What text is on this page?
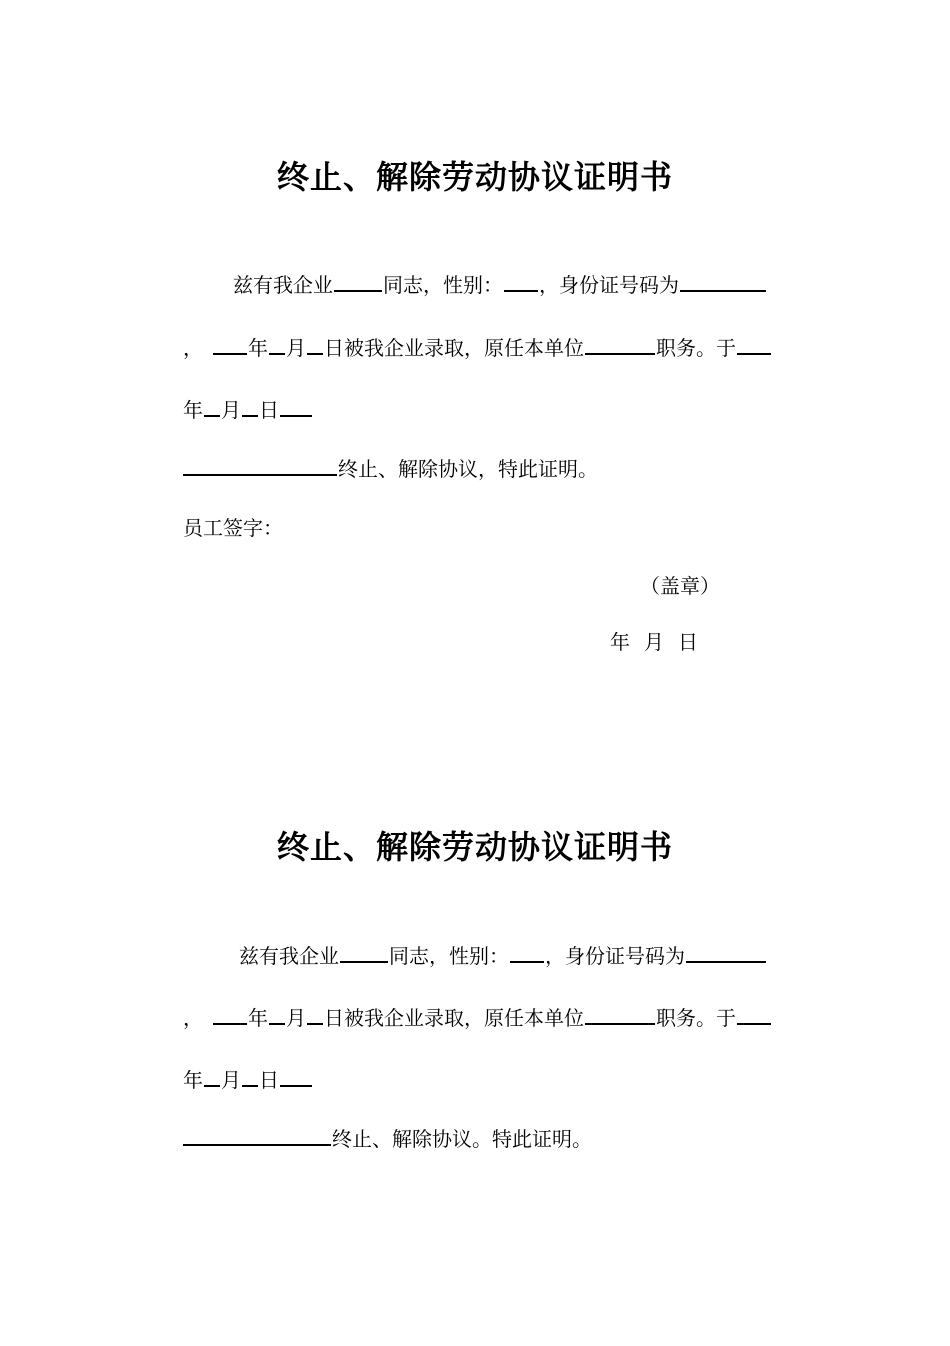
终止、解除劳动协议证明书
兹有我企业	同志，性别： ，身份证号码为
， 年 月 日被我企业录取，原任本单位	职务。于
年 月 日
终止、解除协议，特此证明。
员工签字：
（盖章）
年 月 日
终止、解除劳动协议证明书
兹有我企业	同志，性别： ，身份证号码为
， 年 月 日被我企业录取，原任本单位	职务。于
年 月 日
终止、解除协议。特此证明。
